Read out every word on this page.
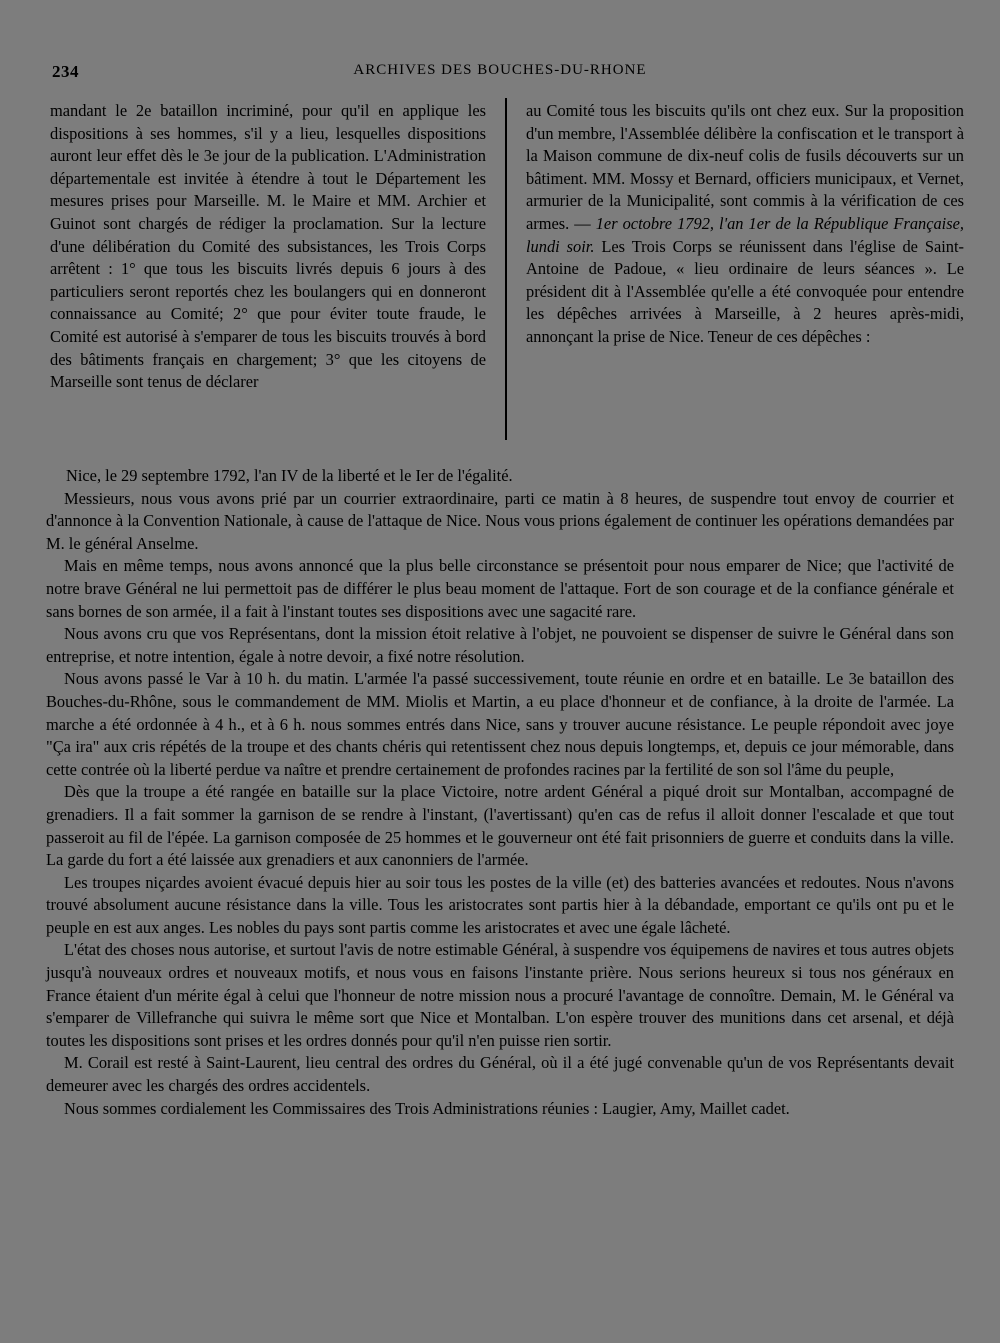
234	ARCHIVES DES BOUCHES-DU-RHONE
mandant le 2e bataillon incriminé, pour qu'il en applique les dispositions à ses hommes, s'il y a lieu, lesquelles dispositions auront leur effet dès le 3e jour de la publication. L'Administration départementale est invitée à étendre à tout le Département les mesures prises pour Marseille. M. le Maire et MM. Archier et Guinot sont chargés de rédiger la proclamation. Sur la lecture d'une délibération du Comité des subsistances, les Trois Corps arrêtent : 1° que tous les biscuits livrés depuis 6 jours à des particuliers seront reportés chez les boulangers qui en donneront connaissance au Comité; 2° que pour éviter toute fraude, le Comité est autorisé à s'emparer de tous les biscuits trouvés à bord des bâtiments français en chargement; 3° que les citoyens de Marseille sont tenus de déclarer
au Comité tous les biscuits qu'ils ont chez eux. Sur la proposition d'un membre, l'Assemblée délibère la confiscation et le transport à la Maison commune de dix-neuf colis de fusils découverts sur un bâtiment. MM. Mossy et Bernard, officiers municipaux, et Vernet, armurier de la Municipalité, sont commis à la vérification de ces armes. — 1er octobre 1792, l'an 1er de la République Française, lundi soir. Les Trois Corps se réunissent dans l'église de Saint-Antoine de Padoue, « lieu ordinaire de leurs séances ». Le président dit à l'Assemblée qu'elle a été convoquée pour entendre les dépêches arrivées à Marseille, à 2 heures après-midi, annonçant la prise de Nice. Teneur de ces dépêches :

Nice, le 29 septembre 1792, l'an IV de la liberté et le Ier de l'égalité.

Messieurs, nous vous avons prié par un courrier extraordinaire, parti ce matin à 8 heures, de suspendre tout envoy de courrier et d'annonce à la Convention Nationale, à cause de l'attaque de Nice. Nous vous prions également de continuer les opérations demandées par M. le général Anselme.

Mais en même temps, nous avons annoncé que la plus belle circonstance se présentoit pour nous emparer de Nice; que l'activité de notre brave Général ne lui permettoit pas de différer le plus beau moment de l'attaque. Fort de son courage et de la confiance générale et sans bornes de son armée, il a fait à l'instant toutes ses dispositions avec une sagacité rare.

Nous avons cru que vos Représentans, dont la mission étoit relative à l'objet, ne pouvoient se dispenser de suivre le Général dans son entreprise, et notre intention, égale à notre devoir, a fixé notre résolution.

Nous avons passé le Var à 10 h. du matin. L'armée l'a passé successivement, toute réunie en ordre et en bataille. Le 3e bataillon des Bouches-du-Rhône, sous le commandement de MM. Miolis et Martin, a eu place d'honneur et de confiance, à la droite de l'armée. La marche a été ordonnée à 4 h., et à 6 h. nous sommes entrés dans Nice, sans y trouver aucune résistance. Le peuple répondoit avec joye "Ça ira" aux cris répétés de la troupe et des chants chéris qui retentissent chez nous depuis longtemps, et, depuis ce jour mémorable, dans cette contrée où la liberté perdue va naître et prendre certainement de profondes racines par la fertilité de son sol l'âme du peuple,

Dès que la troupe a été rangée en bataille sur la place Victoire, notre ardent Général a piqué droit sur Montalban, accompagné de grenadiers. Il a fait sommer la garnison de se rendre à l'instant, (l'avertissant) qu'en cas de refus il alloit donner l'escalade et que tout passeroit au fil de l'épée. La garnison composée de 25 hommes et le gouverneur ont été fait prisonniers de guerre et conduits dans la ville. La garde du fort a été laissée aux grenadiers et aux canonniers de l'armée.

Les troupes niçardes avoient évacué depuis hier au soir tous les postes de la ville (et) des batteries avancées et redoutes. Nous n'avons trouvé absolument aucune résistance dans la ville. Tous les aristocrates sont partis hier à la débandade, emportant ce qu'ils ont pu et le peuple en est aux anges. Les nobles du pays sont partis comme les aristocrates et avec une égale lâcheté.

L'état des choses nous autorise, et surtout l'avis de notre estimable Général, à suspendre vos équipemens de navires et tous autres objets jusqu'à nouveaux ordres et nouveaux motifs, et nous vous en faisons l'instante prière. Nous serions heureux si tous nos généraux en France étaient d'un mérite égal à celui que l'honneur de notre mission nous a procuré l'avantage de connoître. Demain, M. le Général va s'emparer de Villefranche qui suivra le même sort que Nice et Montalban. L'on espère trouver des munitions dans cet arsenal, et déjà toutes les dispositions sont prises et les ordres donnés pour qu'il n'en puisse rien sortir.

M. Corail est resté à Saint-Laurent, lieu central des ordres du Général, où il a été jugé convenable qu'un de vos Représentants devait demeurer avec les chargés des ordres accidentels.

Nous sommes cordialement les Commissaires des Trois Administrations réunies : Laugier, Amy, Maillet cadet.
